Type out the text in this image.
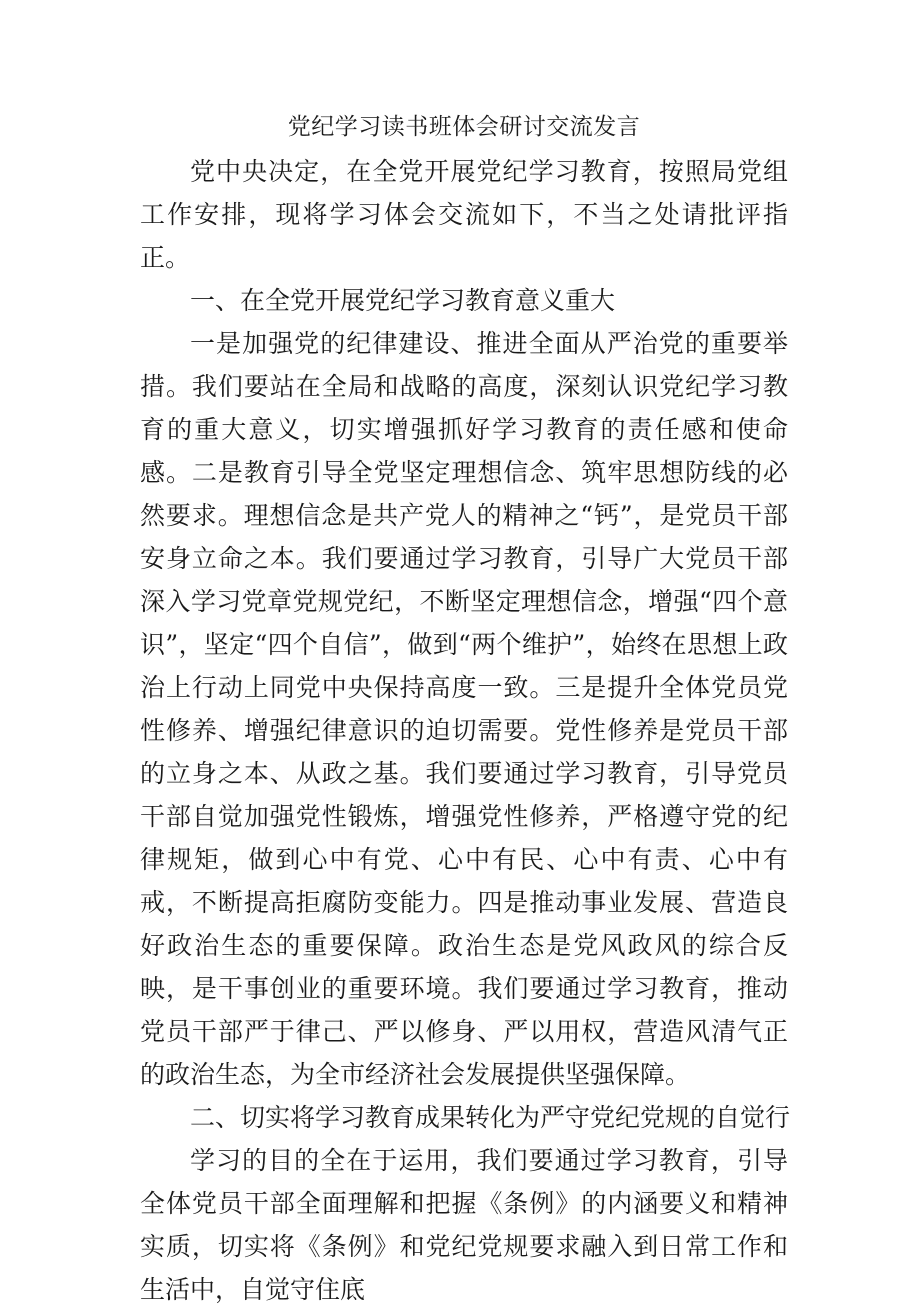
党纪学习读书班体会研讨交流发言

党中央决定，在全党开展党纪学习教育，按照局党组工作安排，现将学习体会交流如下，不当之处请批评指正。

一、在全党开展党纪学习教育意义重大

一是加强党的纪律建设、推进全面从严治党的重要举措。我们要站在全局和战略的高度，深刻认识党纪学习教育的重大意义，切实增强抓好学习教育的责任感和使命感。二是教育引导全党坚定理想信念、筑牢思想防线的必然要求。理想信念是共产党人的精神之“钙”，是党员干部安身立命之本。我们要通过学习教育，引导广大党员干部深入学习党章党规党纪，不断坚定理想信念，增强“四个意识”，坚定“四个自信”，做到“两个维护”，始终在思想上政治上行动上同党中央保持高度一致。三是提升全体党员党性修养、增强纪律意识的迫切需要。党性修养是党员干部的立身之本、从政之基。我们要通过学习教育，引导党员干部自觉加强党性锻炼，增强党性修养，严格遵守党的纪律规矩，做到心中有党、心中有民、心中有责、心中有戒，不断提高拒腐防变能力。四是推动事业发展、营造良好政治生态的重要保障。政治生态是党风政风的综合反映，是干事创业的重要环境。我们要通过学习教育，推动党员干部严于律己、严以修身、严以用权，营造风清气正的政治生态，为全市经济社会发展提供坚强保障。

二、切实将学习教育成果转化为严守党纪党规的自觉行

学习的目的全在于运用，我们要通过学习教育，引导全体党员干部全面理解和把握《条例》的内涵要义和精神实质，切实将《条例》和党纪党规要求融入到日常工作和生活中，自觉守住底
